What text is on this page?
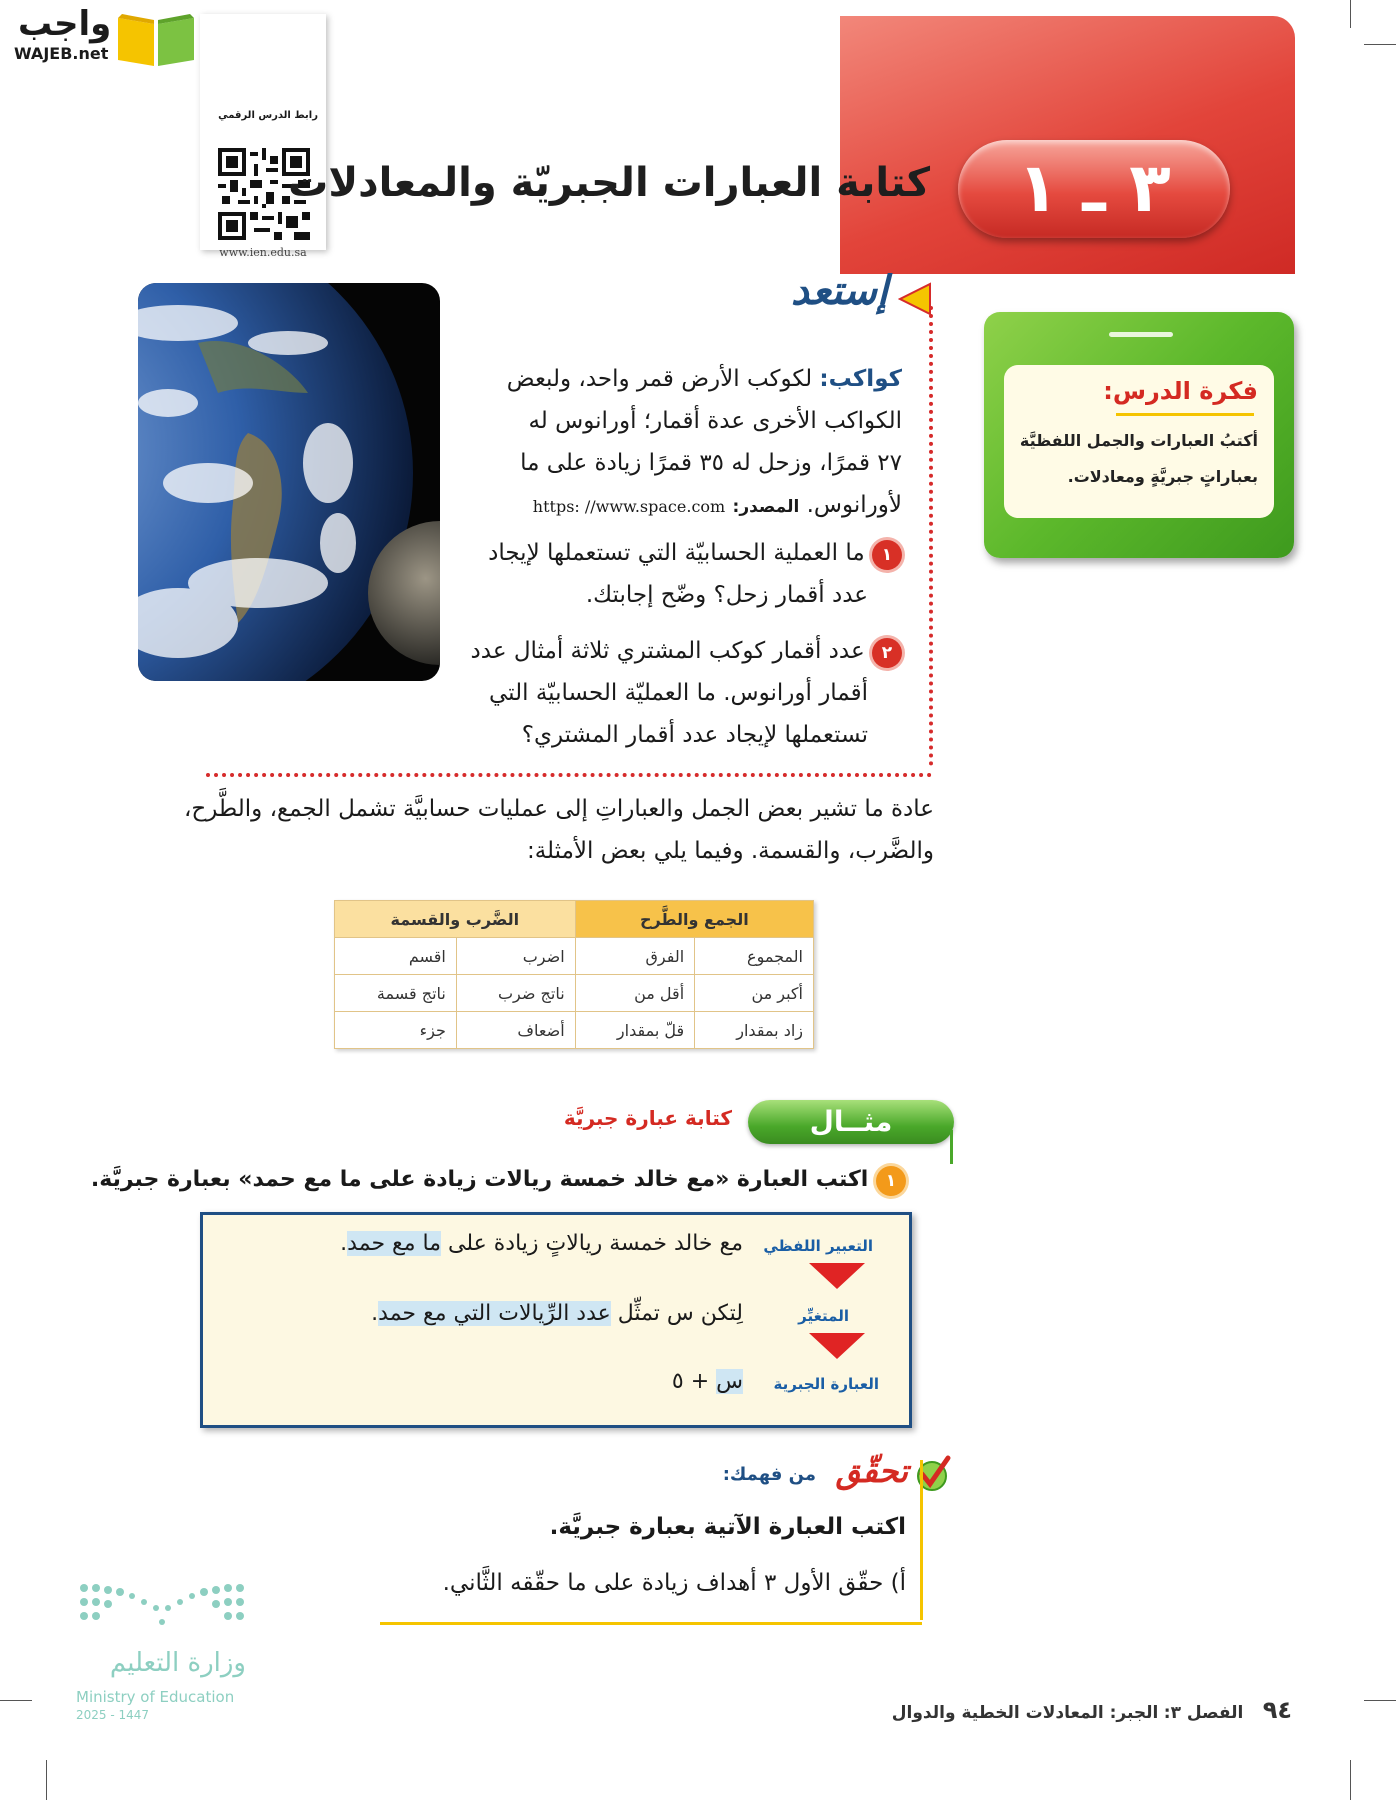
واجب
WAJEB.net
رابط الدرس الرقمي
www.ien.edu.sa
٣ ـ ١
كتابة العبارات الجبريّة والمعادلات
فكرة الدرس:
أكتبُ العبارات والجمل اللفظيَّة بعباراتٍ جبريَّةٍ ومعادلات.
إستعد
كواكب: لكوكب الأرض قمر واحد، ولبعض
الكواكب الأخرى عدة أقمار؛ أورانوس له
٢٧ قمرًا، وزحل له ٣٥ قمرًا زيادة على ما
لأورانوس. المصدر: https: //www.space.com
١ ما العملية الحسابيّة التي تستعملها لإيجاد
عدد أقمار زحل؟ وضّح إجابتك.
٢ عدد أقمار كوكب المشتري ثلاثة أمثال عدد
أقمار أورانوس. ما العمليّة الحسابيّة التي
تستعملها لإيجاد عدد أقمار المشتري؟
عادة ما تشير بعض الجمل والعباراتِ إلى عمليات حسابيَّة تشمل الجمع، والطَّرح،
والضَّرب، والقسمة. وفيما يلي بعض الأمثلة:
الجمع والطَّرح		الضَّرب والقسمة	
المجموع	الفرق	اضرب	اقسم
أكبر من	أقل من	ناتج ضرب	ناتج قسمة
زاد بمقدار	قلّ بمقدار	أضعاف	جزء
مثــال
كتابة عبارة جبريَّة
١ اكتب العبارة «مع خالد خمسة ريالات زيادة على ما مع حمد» بعبارة جبريَّة.
التعبير اللفظي
مع خالد خمسة ريالاتٍ زيادة على ما مع حمد.
المتغيِّر
لِتكن س تمثِّل عدد الرِّيالات التي مع حمد.
العبارة الجبرية
س + ٥
تحقّق
من فهمك:
اكتب العبارة الآتية بعبارة جبريَّة.
أ) حقّق الأول ٣ أهداف زيادة على ما حقّقه الثَّاني.
وزارة التعليم
Ministry of Education
2025 - 1447	٩٤ الفصل ٣: الجبر: المعادلات الخطية والدوال
